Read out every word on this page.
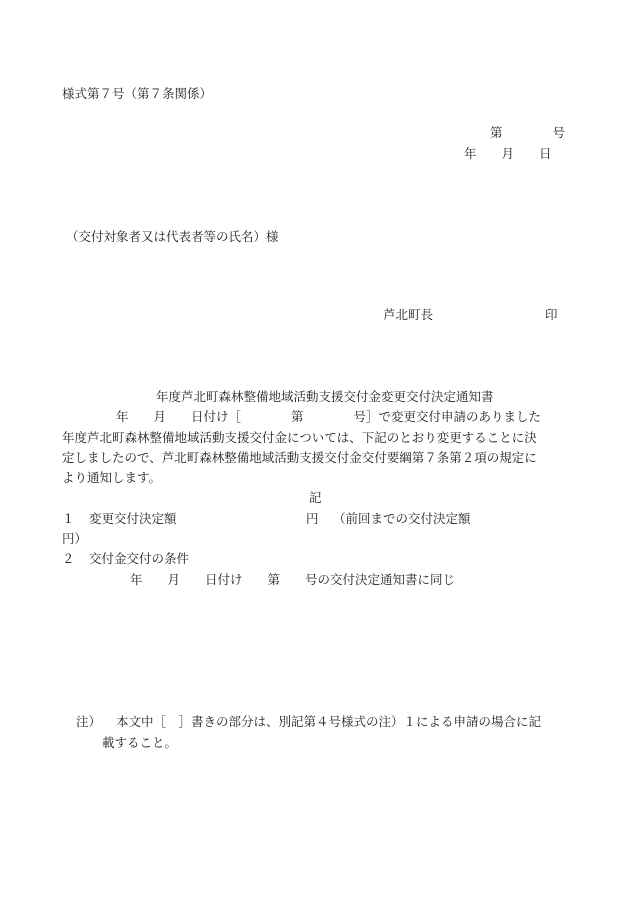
様式第７号（第７条関係）

第　　　　号

年　　月　　日

（交付対象者又は代表者等の氏名）様

芦北町長	印

年度芦北町森林整備地域活動支援交付金変更交付決定通知書

年　　月　　日付け［　　　　第　　　　号］で変更交付申請のありました

年度芦北町森林整備地域活動支援交付金については、下記のとおり変更することに決

定しましたので、芦北町森林整備地域活動支援交付金交付要綱第７条第２項の規定に

より通知します。

記

１ 変更交付決定額	円 （前回までの交付決定額

円）

２ 交付金交付の条件

年　　月　　日付け　　第　　号の交付決定通知書に同じ

注） 本文中［　］書きの部分は、別記第４号様式の注）１による申請の場合に記

載すること。
